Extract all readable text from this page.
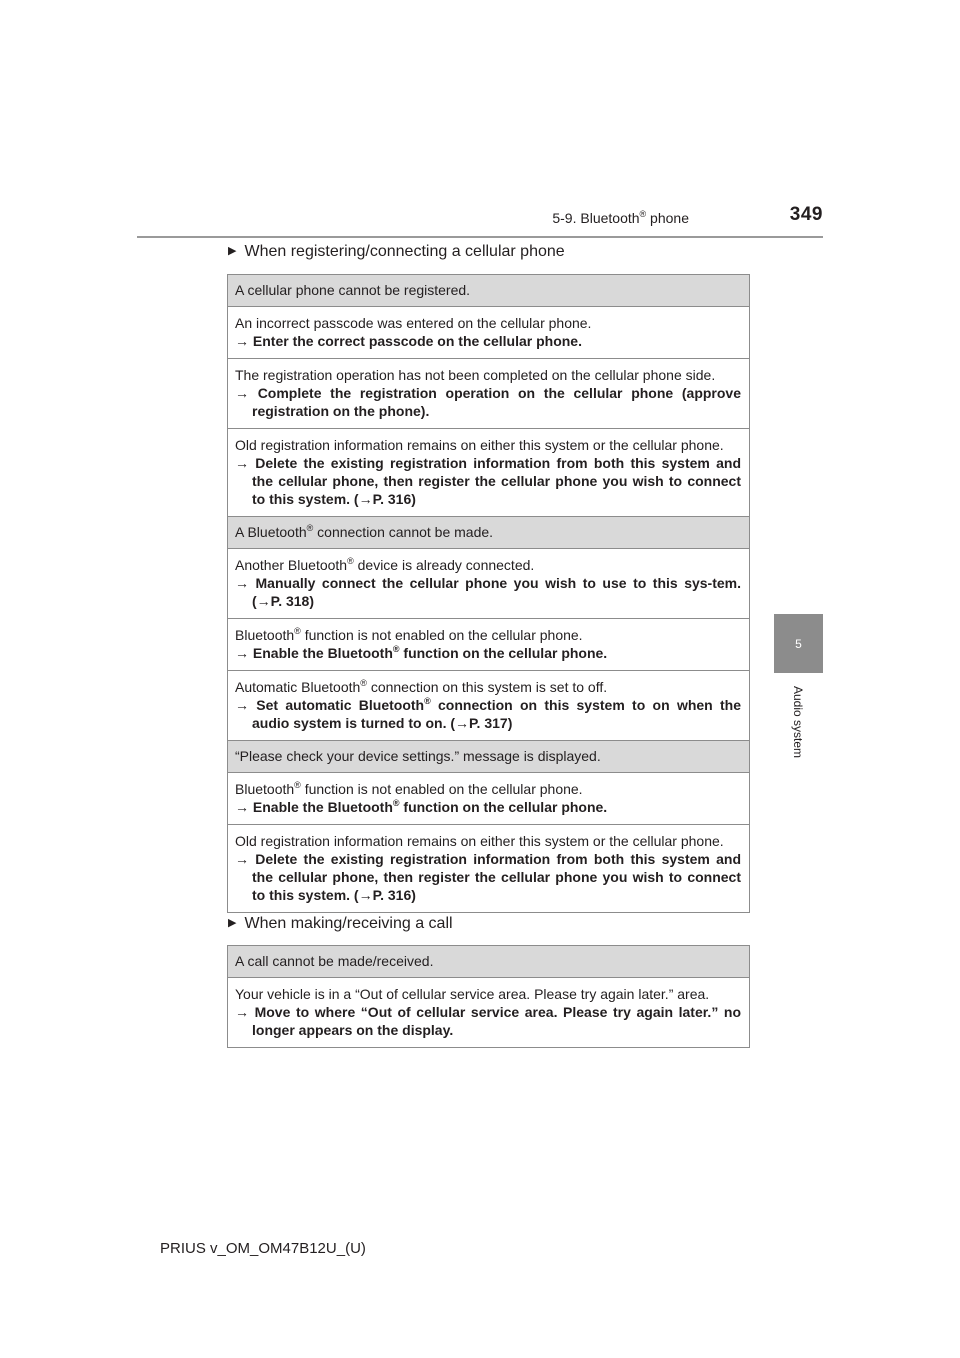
5-9. Bluetooth® phone	349
5
Audio system
▶ When registering/connecting a cellular phone
A cellular phone cannot be registered.
An incorrect passcode was entered on the cellular phone.
→ Enter the correct passcode on the cellular phone.
The registration operation has not been completed on the cellular phone side.
→ Complete the registration operation on the cellular phone (approve registration on the phone).
Old registration information remains on either this system or the cellular phone.
→ Delete the existing registration information from both this system and the cellular phone, then register the cellular phone you wish to connect to this system. (→P. 316)
A Bluetooth® connection cannot be made.
Another Bluetooth® device is already connected.
→ Manually connect the cellular phone you wish to use to this sys-tem. (→P. 318)
Bluetooth® function is not enabled on the cellular phone.
→ Enable the Bluetooth® function on the cellular phone.
Automatic Bluetooth® connection on this system is set to off.
→ Set automatic Bluetooth® connection on this system to on when the audio system is turned to on. (→P. 317)
“Please check your device settings.” message is displayed.
Bluetooth® function is not enabled on the cellular phone.
→ Enable the Bluetooth® function on the cellular phone.
Old registration information remains on either this system or the cellular phone.
→ Delete the existing registration information from both this system and the cellular phone, then register the cellular phone you wish to connect to this system. (→P. 316)
▶ When making/receiving a call
A call cannot be made/received.
Your vehicle is in a “Out of cellular service area. Please try again later.” area.
→ Move to where “Out of cellular service area. Please try again later.” no longer appears on the display.
PRIUS v_OM_OM47B12U_(U)
